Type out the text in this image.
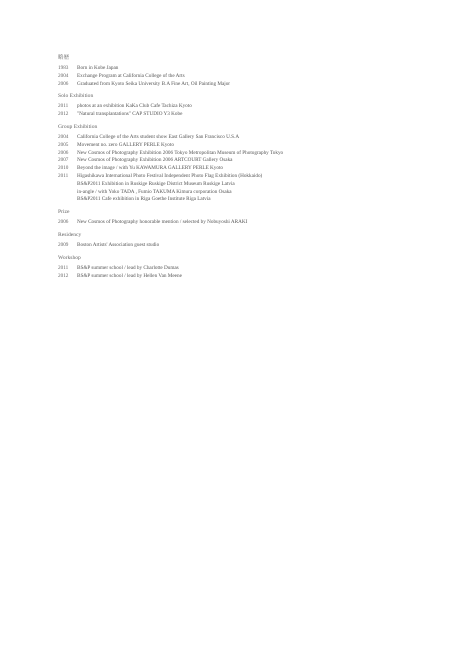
略歴
1983	Born in Kobe Japan
2004	Exchange Program at California College of the Arts
2006	Graduated from Kyoto Seika University B.A Fine Art, Oil Painting Major
Solo Exhibition
2011	photos at an exhibition KaKa Club Cafe Tachiza Kyoto
2012	"Natural transplantations" CAP STUDIO Y3 Kobe
Group Exhibition
2004	California College of the Arts student show East Gallery San Francisco U.S.A
2005	Movement no. zero GALLERY PERLE Kyoto
2006	New Cosmos of Photography Exhibition 2006 Tokyo Metropolitan Museum of Photography Tokyo
2007	New Cosmos of Photography Exhibition 2006 ARTCOURT Gallery Osaka
2010	Beyond the image / with Yu KAWAMURA GALLERY PERLE Kyoto
2011	Higashikawa International Photo Festival Independent Photo Flag Exhibition (Hokkaido)
BS&P2011 Exhibition in Ruskige Ruskige District Museum Ruskige Latvia
in-angle / with Yoko TADA , Fumio TAKUMA Kimura corporation Osaka
BS&P2011 Cafe exhibition in Riga Goethe Institute Riga Latvia
Prize
2006	New Cosmos of Photography honorable mention / selected by Nobuyoshi ARAKI
Residency
2009	Boston Artists' Association guest studio
Workshop
2011	BS&P summer school / lead by Charlotte Dumas
2012	BS&P summer school / lead by Hellen Van Meene
